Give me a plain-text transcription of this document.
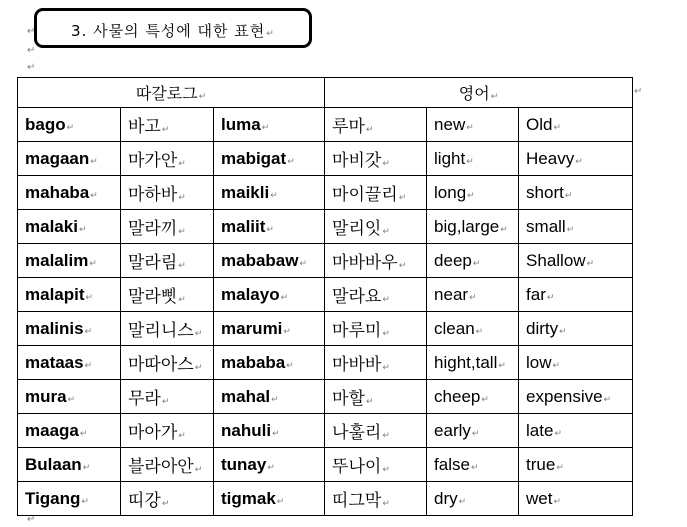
↵
↵
↵
↵
3. 사물의 특성에 대한 표현↵
따갈로그↵			영어↵		
bago↵	바고↵	luma↵	루마↵	new↵	Old↵
magaan↵	마가안↵	mabigat↵	마비갓↵	light↵	Heavy↵
mahaba↵	마하바↵	maikli↵	마이끌리↵	long↵	short↵
malaki↵	말라끼↵	maliit↵	말리잇↵	big,large↵	small↵
malalim↵	말라림↵	mababaw↵	마바바우↵	deep↵	Shallow↵
malapit↵	말라삣↵	malayo↵	말라요↵	near↵	far↵
malinis↵	말리니스↵	marumi↵	마루미↵	clean↵	dirty↵
mataas↵	마따아스↵	mababa↵	마바바↵	hight,tall↵	low↵
mura↵	무라↵	mahal↵	마할↵	cheep↵	expensive↵
maaga↵	마아가↵	nahuli↵	나훌리↵	early↵	late↵
Bulaan↵	블라아안↵	tunay↵	뚜나이↵	false↵	true↵
Tigang↵	띠강↵	tigmak↵	띠그막↵	dry↵	wet↵
↵
